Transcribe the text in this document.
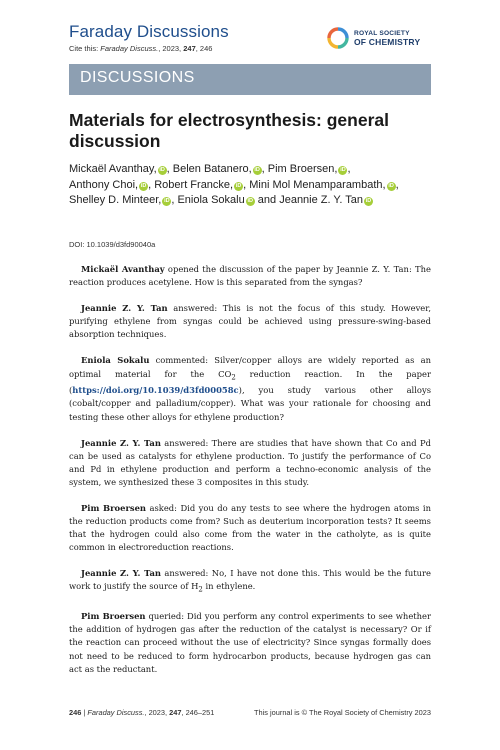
Faraday Discussions
Cite this: Faraday Discuss., 2023, 247, 246
ROYAL SOCIETY
OF CHEMISTRY
DISCUSSIONS
Materials for electrosynthesis: general discussion
Mickaël Avanthay, iD , Belen Batanero, iD , Pim Broersen, iD ,
Anthony Choi, iD , Robert Francke, iD , Mini Mol Menamparambath, iD ,
Shelley D. Minteer, iD , Eniola Sokalu iD and Jeannie Z. Y. Tan iD
DOI: 10.1039/d3fd90040a

Mickaël Avanthay opened the discussion of the paper by Jeannie Z. Y. Tan: The reaction produces acetylene. How is this separated from the syngas?

Jeannie Z. Y. Tan answered: This is not the focus of this study. However, purifying ethylene from syngas could be achieved using pressure-swing-based absorption techniques.

Eniola Sokalu commented: Silver/copper alloys are widely reported as an optimal material for the $CO_2$ reduction reaction. In the paper (https://doi.org/10.1039/d3fd00058c), you study various other alloys (cobalt/copper and palladium/copper). What was your rationale for choosing and testing these other alloys for ethylene production?

Jeannie Z. Y. Tan answered: There are studies that have shown that Co and Pd can be used as catalysts for ethylene production. To justify the performance of Co and Pd in ethylene production and perform a techno-economic analysis of the system, we synthesized these 3 composites in this study.

Pim Broersen asked: Did you do any tests to see where the hydrogen atoms in the reduction products come from? Such as deuterium incorporation tests? It seems that the hydrogen could also come from the water in the catholyte, as is quite common in electroreduction reactions.

Jeannie Z. Y. Tan answered: No, I have not done this. This would be the future work to justify the source of $H_2$ in ethylene.

Pim Broersen queried: Did you perform any control experiments to see whether the addition of hydrogen gas after the reduction of the catalyst is necessary? Or if the reaction can proceed without the use of electricity? Since syngas formally does not need to be reduced to form hydrocarbon products, because hydrogen gas can act as the reductant.

246 | Faraday Discuss., 2023, 247, 246–251	This journal is © The Royal Society of Chemistry 2023
